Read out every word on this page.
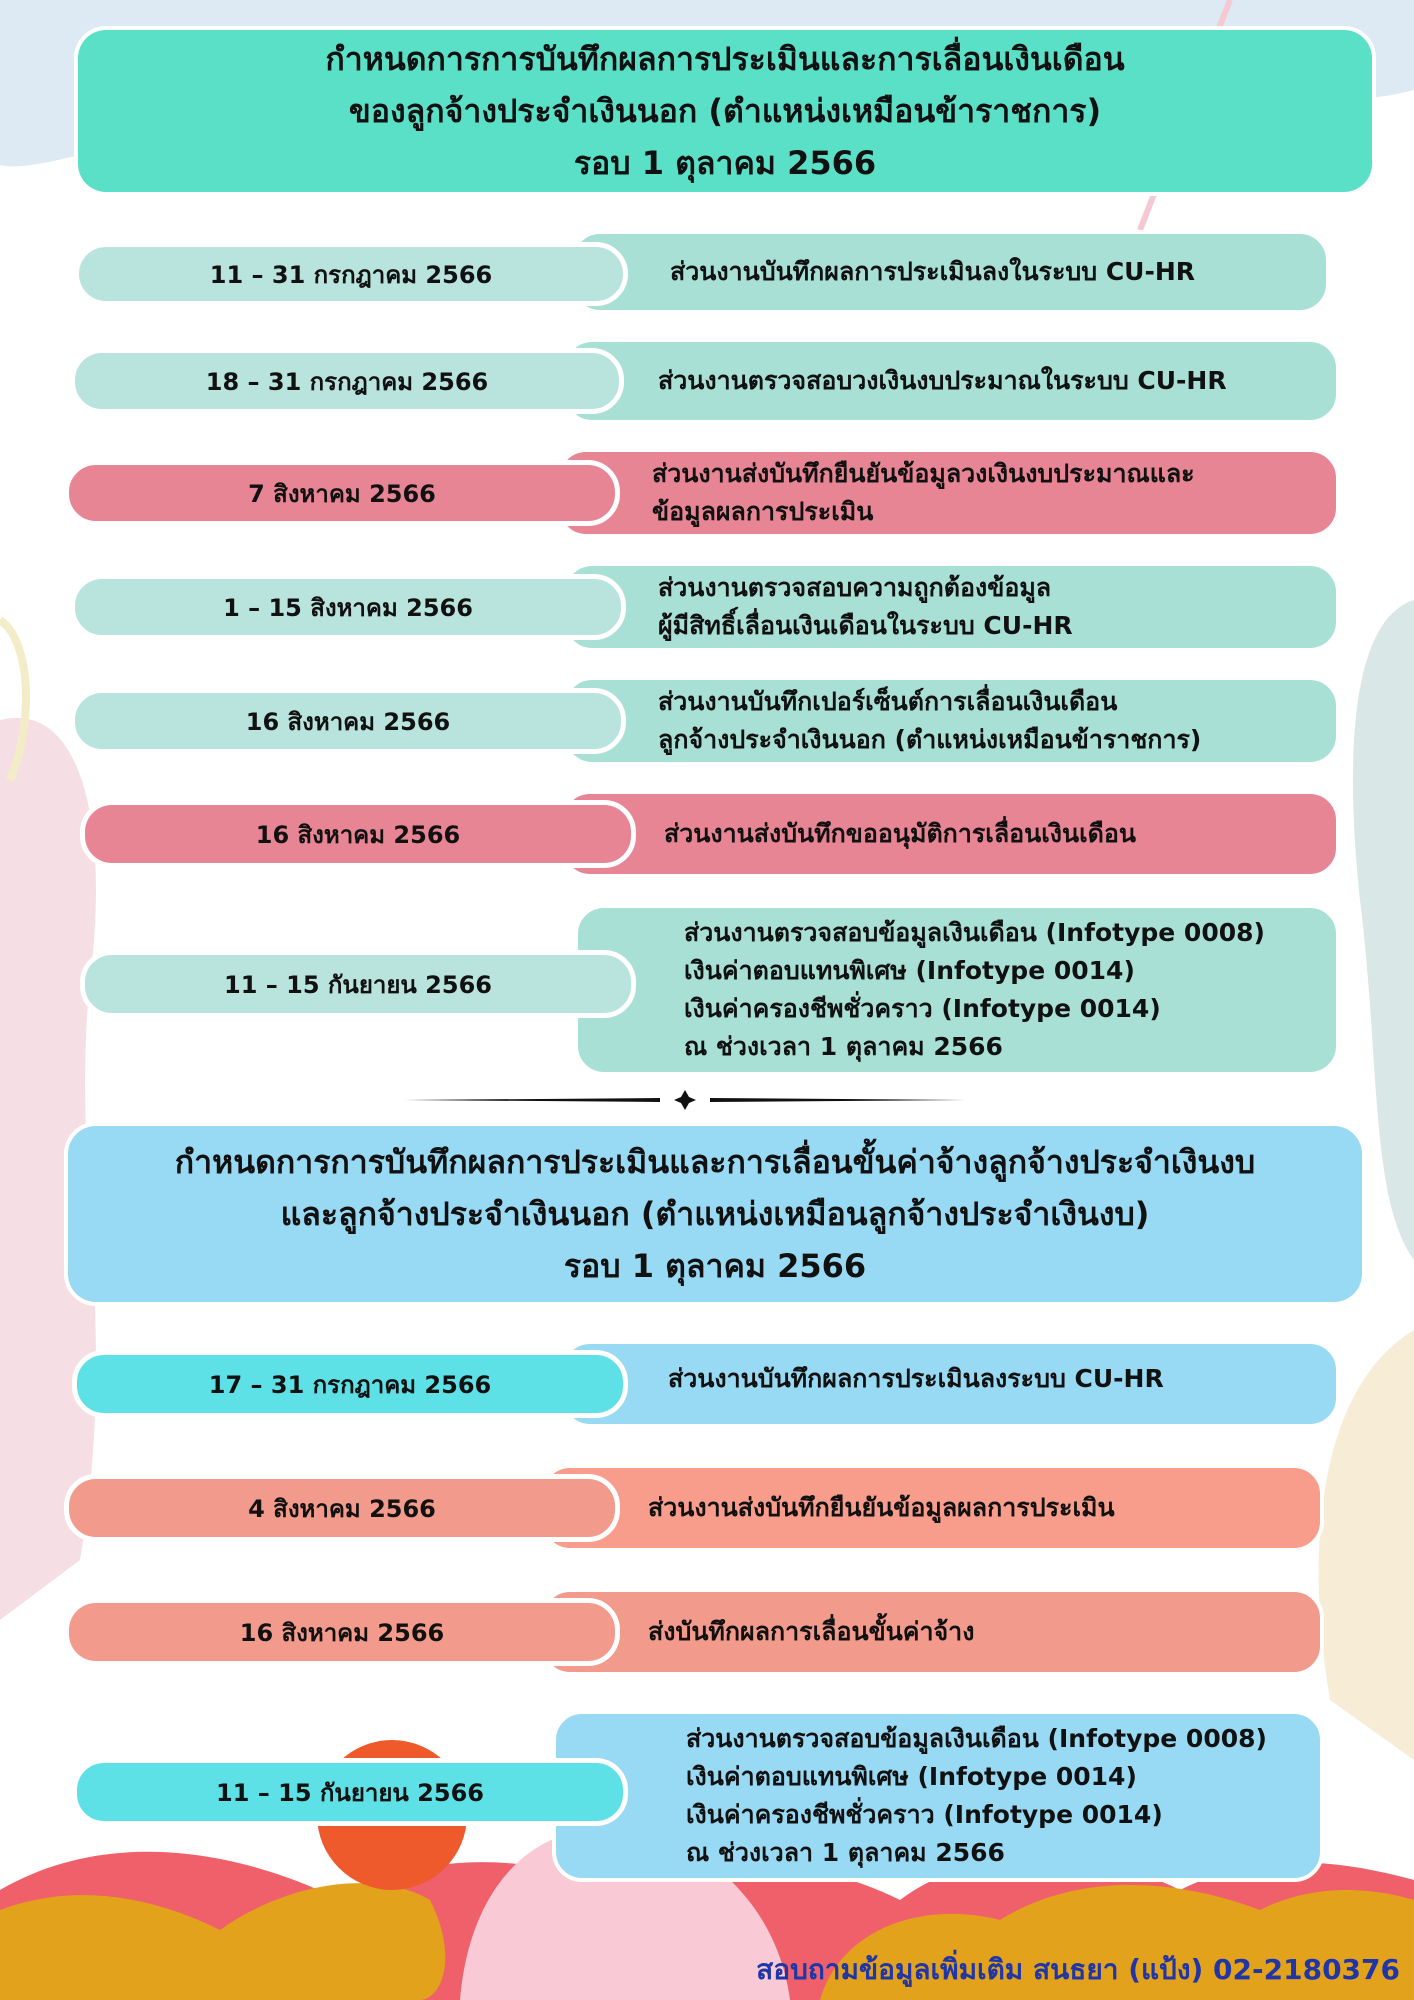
กำหนดการการบันทึกผลการประเมินและการเลื่อนเงินเดือน
ของลูกจ้างประจำเงินนอก (ตำแหน่งเหมือนข้าราชการ)
รอบ 1 ตุลาคม 2566
ส่วนงานบันทึกผลการประเมินลงในระบบ CU-HR
11 – 31 กรกฎาคม 2566
ส่วนงานตรวจสอบวงเงินงบประมาณในระบบ CU-HR
18 – 31 กรกฎาคม 2566
ส่วนงานส่งบันทึกยืนยันข้อมูลวงเงินงบประมาณและ
ข้อมูลผลการประเมิน
7 สิงหาคม 2566
ส่วนงานตรวจสอบความถูกต้องข้อมูล
ผู้มีสิทธิ์เลื่อนเงินเดือนในระบบ CU-HR
1 – 15 สิงหาคม 2566
ส่วนงานบันทึกเปอร์เซ็นต์การเลื่อนเงินเดือน
ลูกจ้างประจำเงินนอก (ตำแหน่งเหมือนข้าราชการ)
16 สิงหาคม 2566
ส่วนงานส่งบันทึกขออนุมัติการเลื่อนเงินเดือน
16 สิงหาคม 2566
ส่วนงานตรวจสอบข้อมูลเงินเดือน (Infotype 0008)
เงินค่าตอบแทนพิเศษ (Infotype 0014)
เงินค่าครองชีพชั่วคราว (Infotype 0014)
ณ ช่วงเวลา 1 ตุลาคม 2566
11 – 15 กันยายน 2566
กำหนดการการบันทึกผลการประเมินและการเลื่อนขั้นค่าจ้างลูกจ้างประจำเงินงบ
และลูกจ้างประจำเงินนอก (ตำแหน่งเหมือนลูกจ้างประจำเงินงบ)
รอบ 1 ตุลาคม 2566
ส่วนงานบันทึกผลการประเมินลงระบบ CU-HR
17 – 31 กรกฎาคม 2566
ส่วนงานส่งบันทึกยืนยันข้อมูลผลการประเมิน
4 สิงหาคม 2566
ส่งบันทึกผลการเลื่อนขั้นค่าจ้าง
16 สิงหาคม 2566
ส่วนงานตรวจสอบข้อมูลเงินเดือน (Infotype 0008)
เงินค่าตอบแทนพิเศษ (Infotype 0014)
เงินค่าครองชีพชั่วคราว (Infotype 0014)
ณ ช่วงเวลา 1 ตุลาคม 2566
11 – 15 กันยายน 2566
สอบถามข้อมูลเพิ่มเติม สนธยา (แป้ง) 02-2180376
